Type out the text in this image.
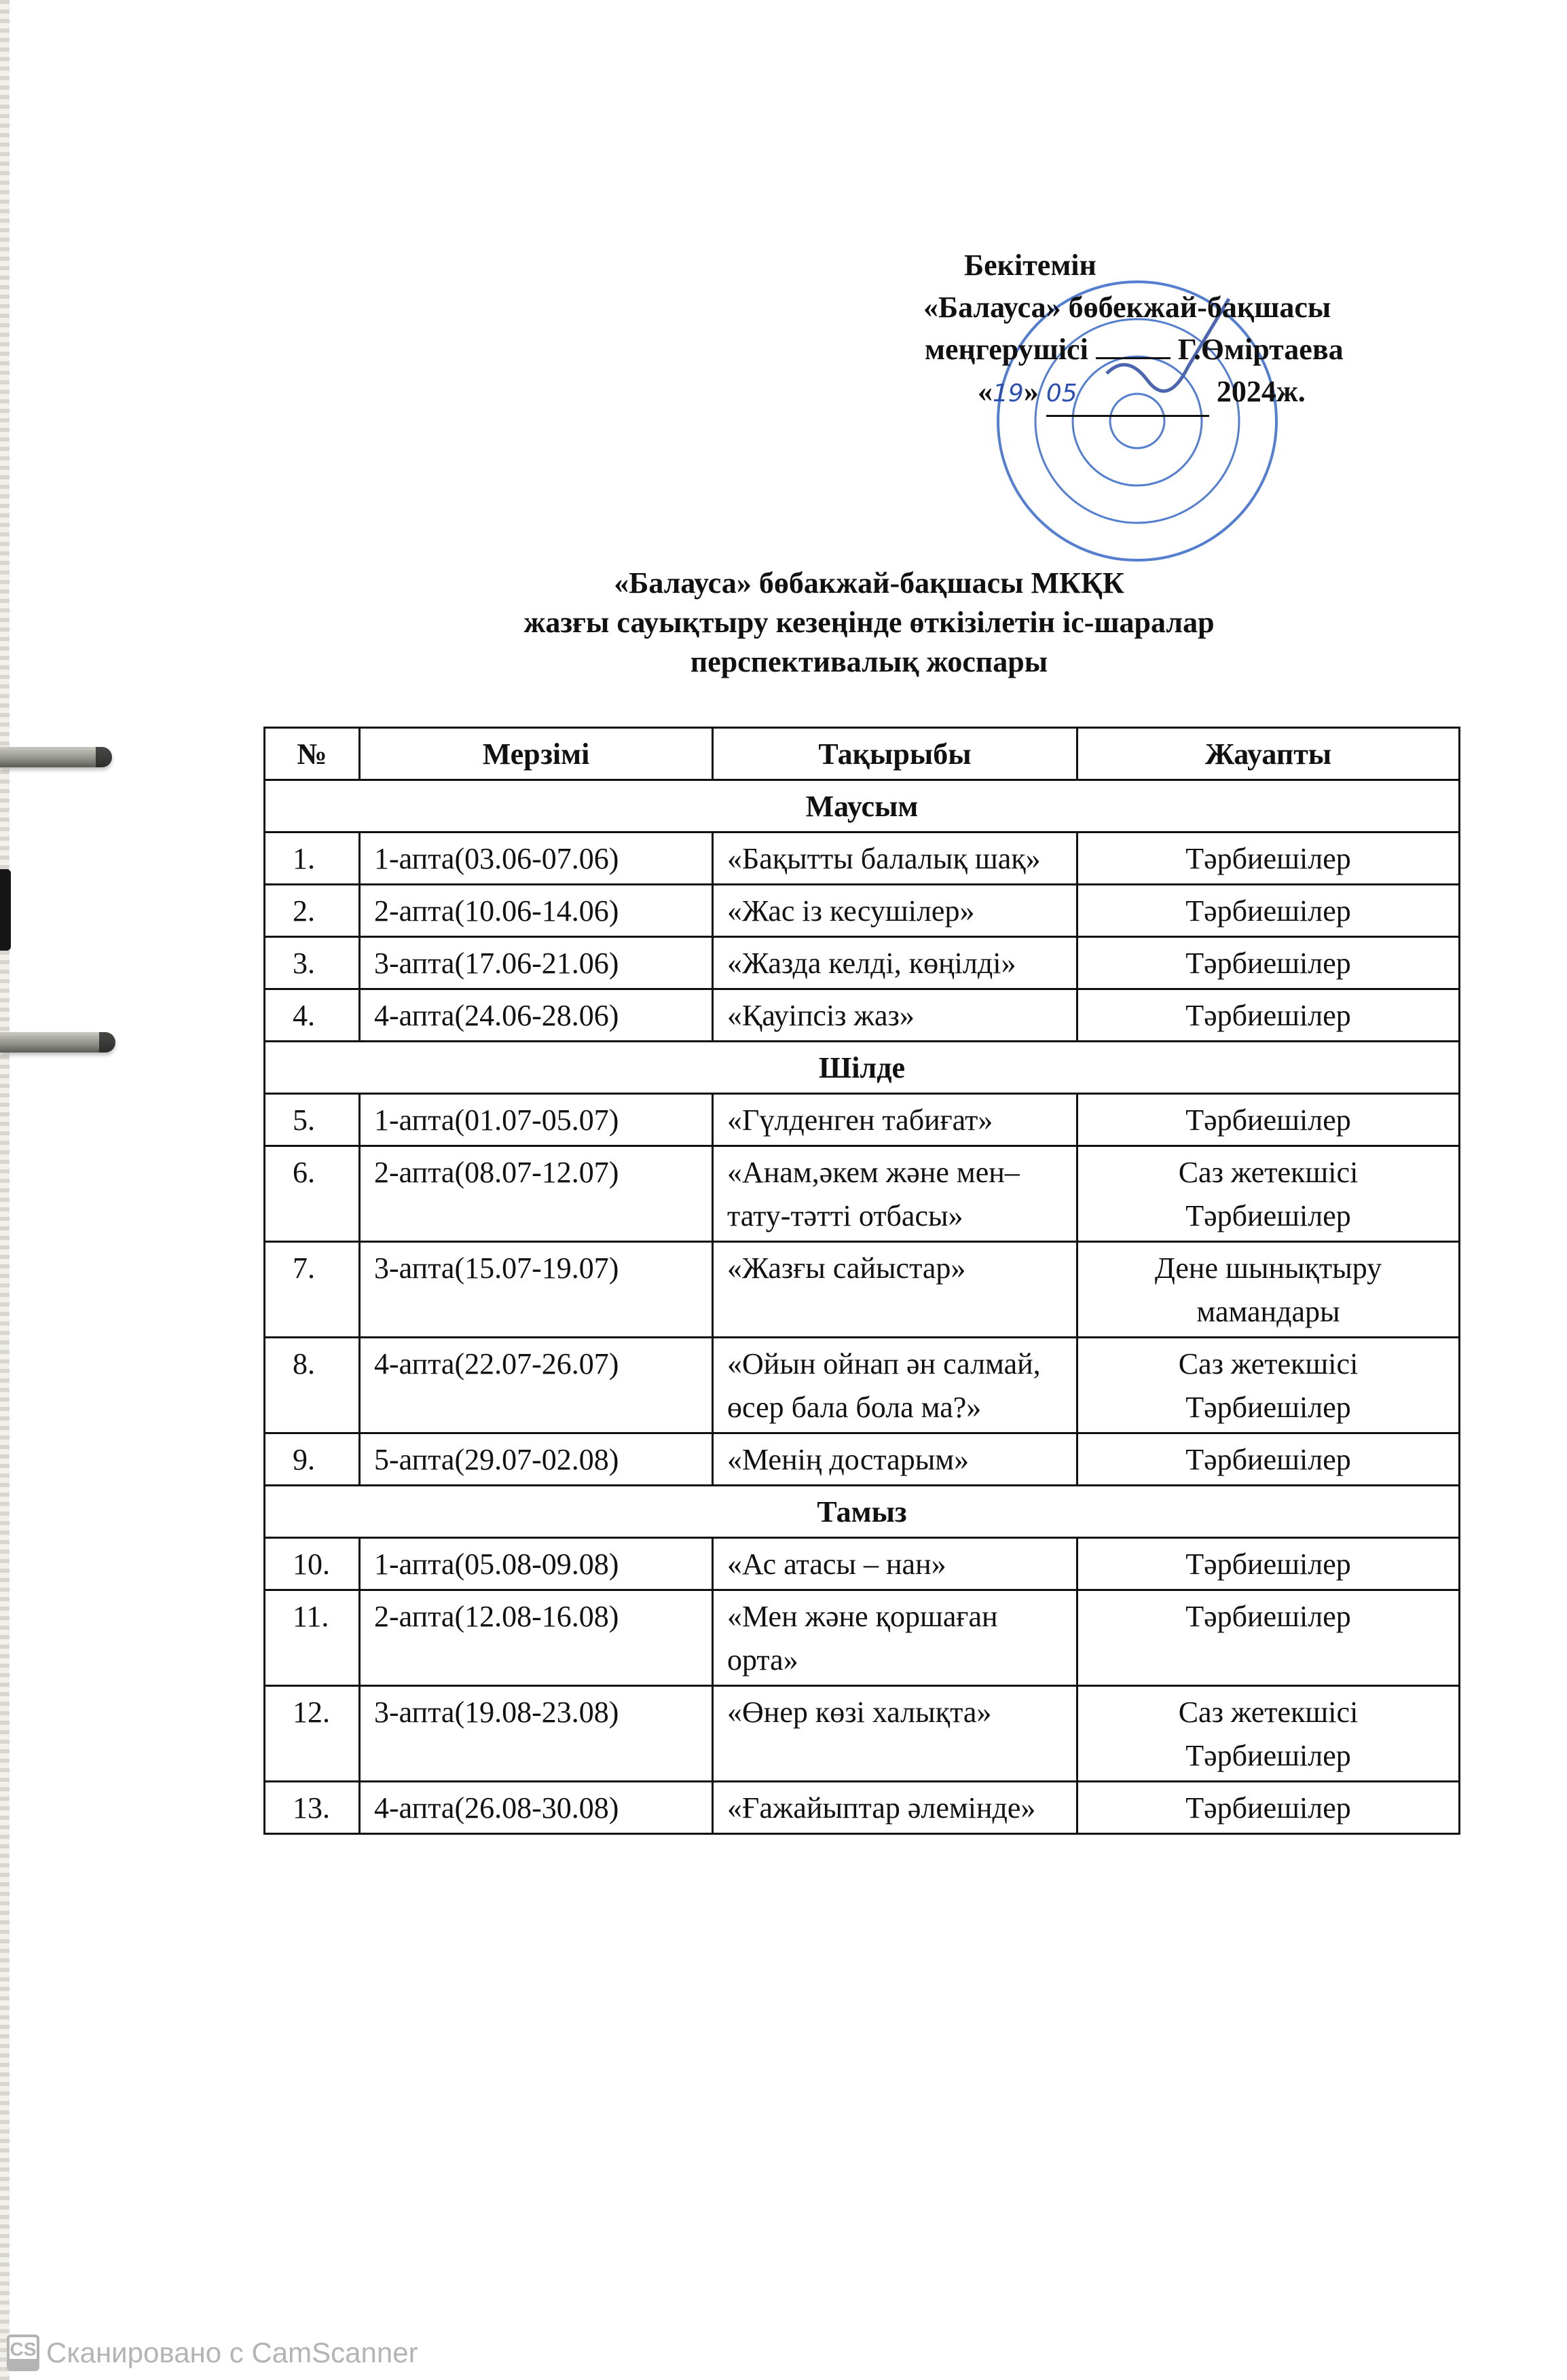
Бекітемін
«Балауса» бөбекжай-бақшасы
меңгерушісі	Г.Өміртаева
«19» 05	2024ж.
«Балауса» бөбакжай-бақшасы МКҚК
жазғы сауықтыру кезеңінде өткізілетін іс-шаралар
перспективалық жоспары
№	Мерзімі	Тақырыбы	Жауапты
Маусым			
1.	1-апта(03.06-07.06)	«Бақытты балалық шақ»	Тәрбиешілер

2.	2-апта(10.06-14.06)	«Жас із кесушілер»	Тәрбиешілер

3.	3-апта(17.06-21.06)	«Жазда келді, көңілді»	Тәрбиешілер

4.	4-апта(24.06-28.06)	«Қауіпсіз жаз»	Тәрбиешілер

Шілде			
5.	1-апта(01.07-05.07)	«Гүлденген табиғат»	Тәрбиешілер

6.	2-апта(08.07-12.07)	«Анам,әкем және мен–тату-тәтті отбасы»	Саз жетекшісі
Тәрбиешілер

7.	3-апта(15.07-19.07)	«Жазғы сайыстар»	Дене шынықтыру мамандары

8.	4-апта(22.07-26.07)	«Ойын ойнап ән салмай, өсер бала бола ма?»	Саз жетекшісі
Тәрбиешілер

9.	5-апта(29.07-02.08)	«Менің достарым»	Тәрбиешілер

Тамыз			
10.	1-апта(05.08-09.08)	«Ас атасы – нан»	Тәрбиешілер

11.	2-апта(12.08-16.08)	«Мен және қоршаған орта»	Тәрбиешілер

12.	3-апта(19.08-23.08)	«Өнер көзі халықта»	Саз жетекшісі
Тәрбиешілер

13.	4-апта(26.08-30.08)	«Ғажайыптар әлемінде»	Тәрбиешілер
CS Сканировано с CamScanner
